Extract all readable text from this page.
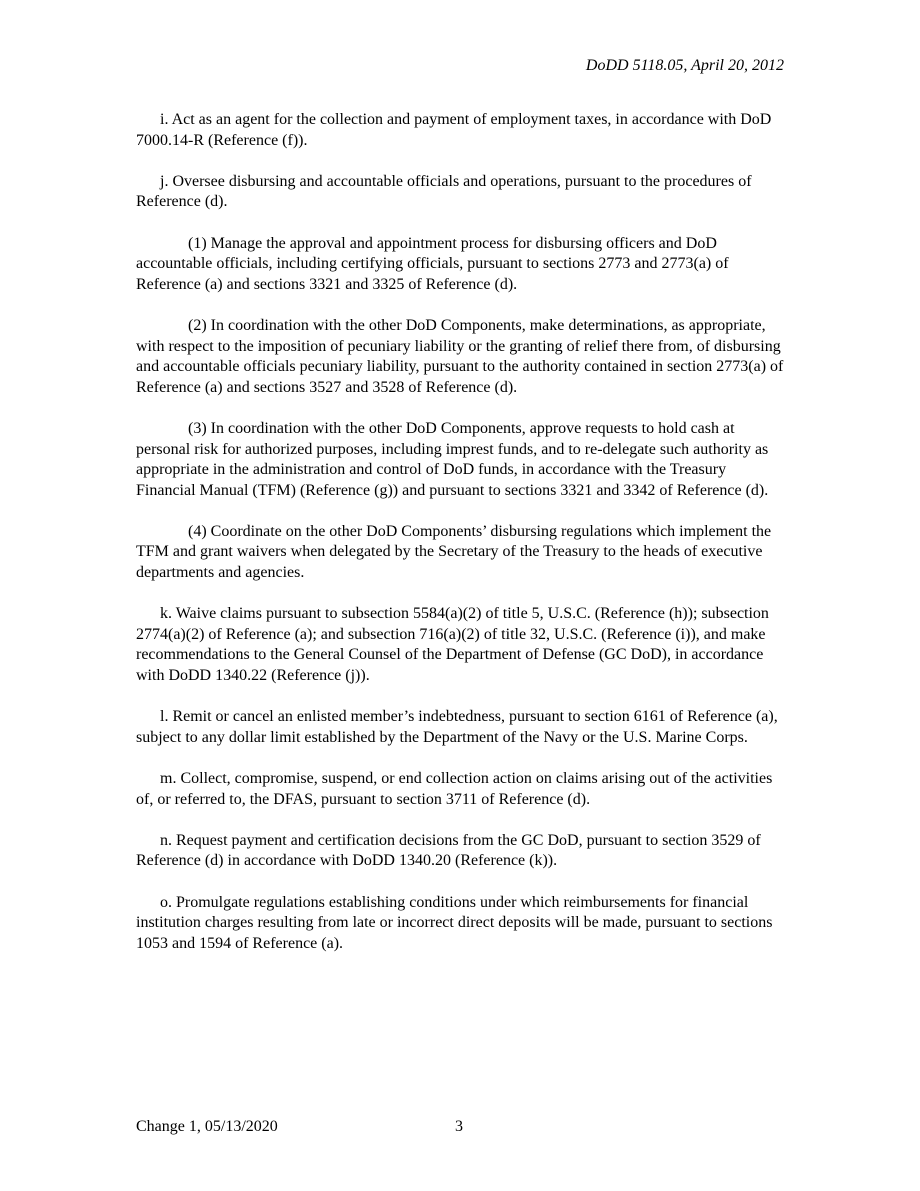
DoDD 5118.05, April 20, 2012

i. Act as an agent for the collection and payment of employment taxes, in accordance with DoD 7000.14-R (Reference (f)).

j. Oversee disbursing and accountable officials and operations, pursuant to the procedures of Reference (d).

(1) Manage the approval and appointment process for disbursing officers and DoD accountable officials, including certifying officials, pursuant to sections 2773 and 2773(a) of Reference (a) and sections 3321 and 3325 of Reference (d).

(2) In coordination with the other DoD Components, make determinations, as appropriate, with respect to the imposition of pecuniary liability or the granting of relief there from, of disbursing and accountable officials pecuniary liability, pursuant to the authority contained in section 2773(a) of Reference (a) and sections 3527 and 3528 of Reference (d).

(3) In coordination with the other DoD Components, approve requests to hold cash at personal risk for authorized purposes, including imprest funds, and to re-delegate such authority as appropriate in the administration and control of DoD funds, in accordance with the Treasury Financial Manual (TFM) (Reference (g)) and pursuant to sections 3321 and 3342 of Reference (d).

(4) Coordinate on the other DoD Components’ disbursing regulations which implement the TFM and grant waivers when delegated by the Secretary of the Treasury to the heads of executive departments and agencies.

k. Waive claims pursuant to subsection 5584(a)(2) of title 5, U.S.C. (Reference (h)); subsection 2774(a)(2) of Reference (a); and subsection 716(a)(2) of title 32, U.S.C. (Reference (i)), and make recommendations to the General Counsel of the Department of Defense (GC DoD), in accordance with DoDD 1340.22 (Reference (j)).

l. Remit or cancel an enlisted member’s indebtedness, pursuant to section 6161 of Reference (a), subject to any dollar limit established by the Department of the Navy or the U.S. Marine Corps.

m. Collect, compromise, suspend, or end collection action on claims arising out of the activities of, or referred to, the DFAS, pursuant to section 3711 of Reference (d).

n. Request payment and certification decisions from the GC DoD, pursuant to section 3529 of Reference (d) in accordance with DoDD 1340.20 (Reference (k)).

o. Promulgate regulations establishing conditions under which reimbursements for financial institution charges resulting from late or incorrect direct deposits will be made, pursuant to sections 1053 and 1594 of Reference (a).

Change 1, 05/13/2020	3
